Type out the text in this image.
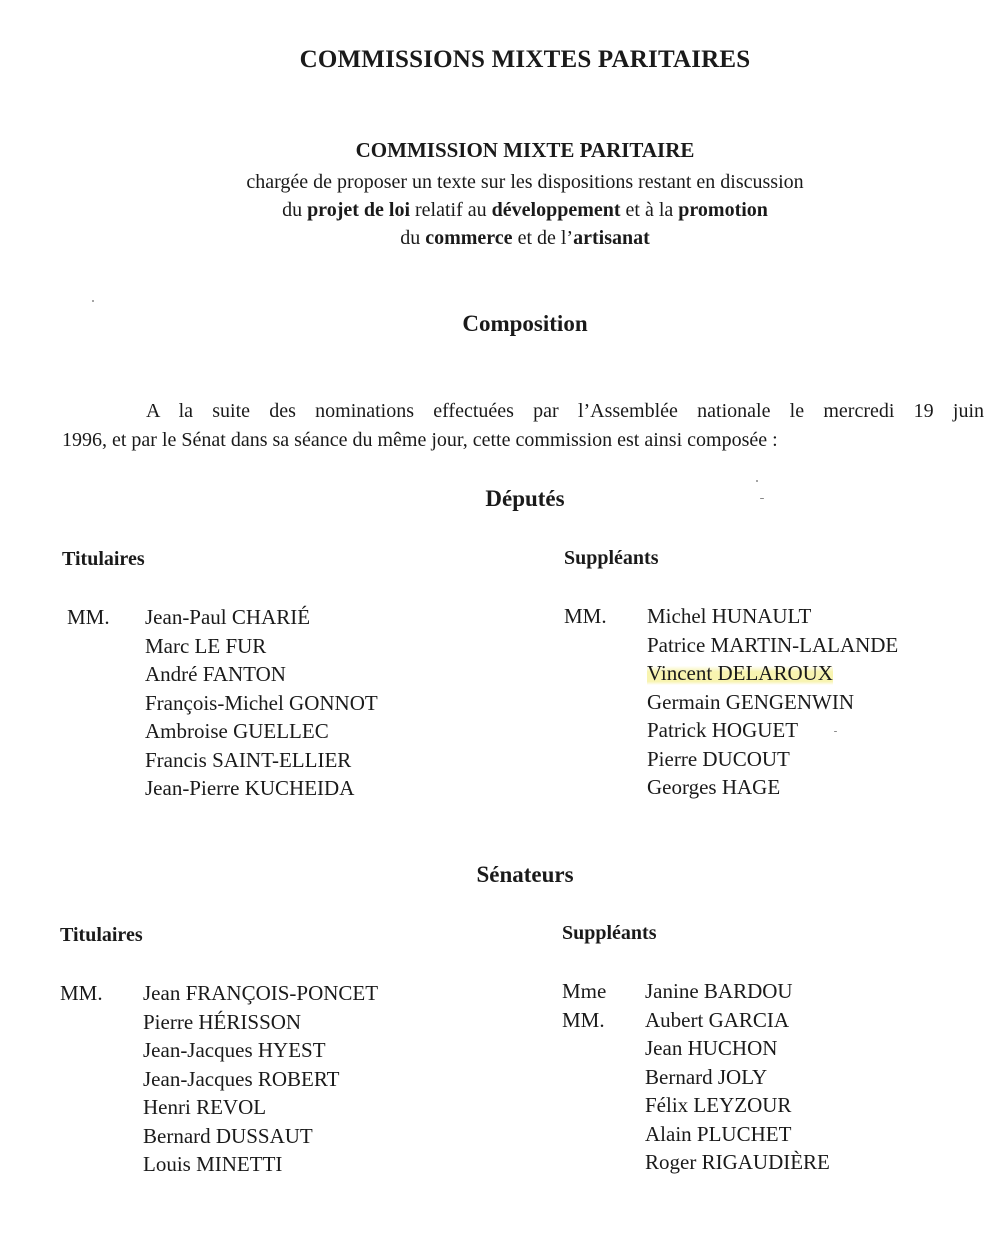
COMMISSIONS MIXTES PARITAIRES
COMMISSION MIXTE PARITAIRE
chargée de proposer un texte sur les dispositions restant en discussion
du projet de loi relatif au développement et à la promotion
du commerce et de l’artisanat
Composition
A la suite des nominations effectuées par l’Assemblée nationale le mercredi 19 juin
1996, et par le Sénat dans sa séance du même jour, cette commission est ainsi composée :
Députés
Titulaires	Suppléants
MM. Jean-Paul CHARIÉ
Marc LE FUR
André FANTON
François-Michel GONNOT
Ambroise GUELLEC
Francis SAINT-ELLIER
Jean-Pierre KUCHEIDA
MM. Michel HUNAULT
Patrice MARTIN-LALANDE
Vincent DELAROUX
Germain GENGENWIN
Patrick HOGUET
Pierre DUCOUT
Georges HAGE
Sénateurs
Titulaires	Suppléants
MM. Jean FRANÇOIS-PONCET
Pierre HÉRISSON
Jean-Jacques HYEST
Jean-Jacques ROBERT
Henri REVOL
Bernard DUSSAUT
Louis MINETTI
Mme
MM.
Janine BARDOU
Aubert GARCIA
Jean HUCHON
Bernard JOLY
Félix LEYZOUR
Alain PLUCHET
Roger RIGAUDIÈRE
